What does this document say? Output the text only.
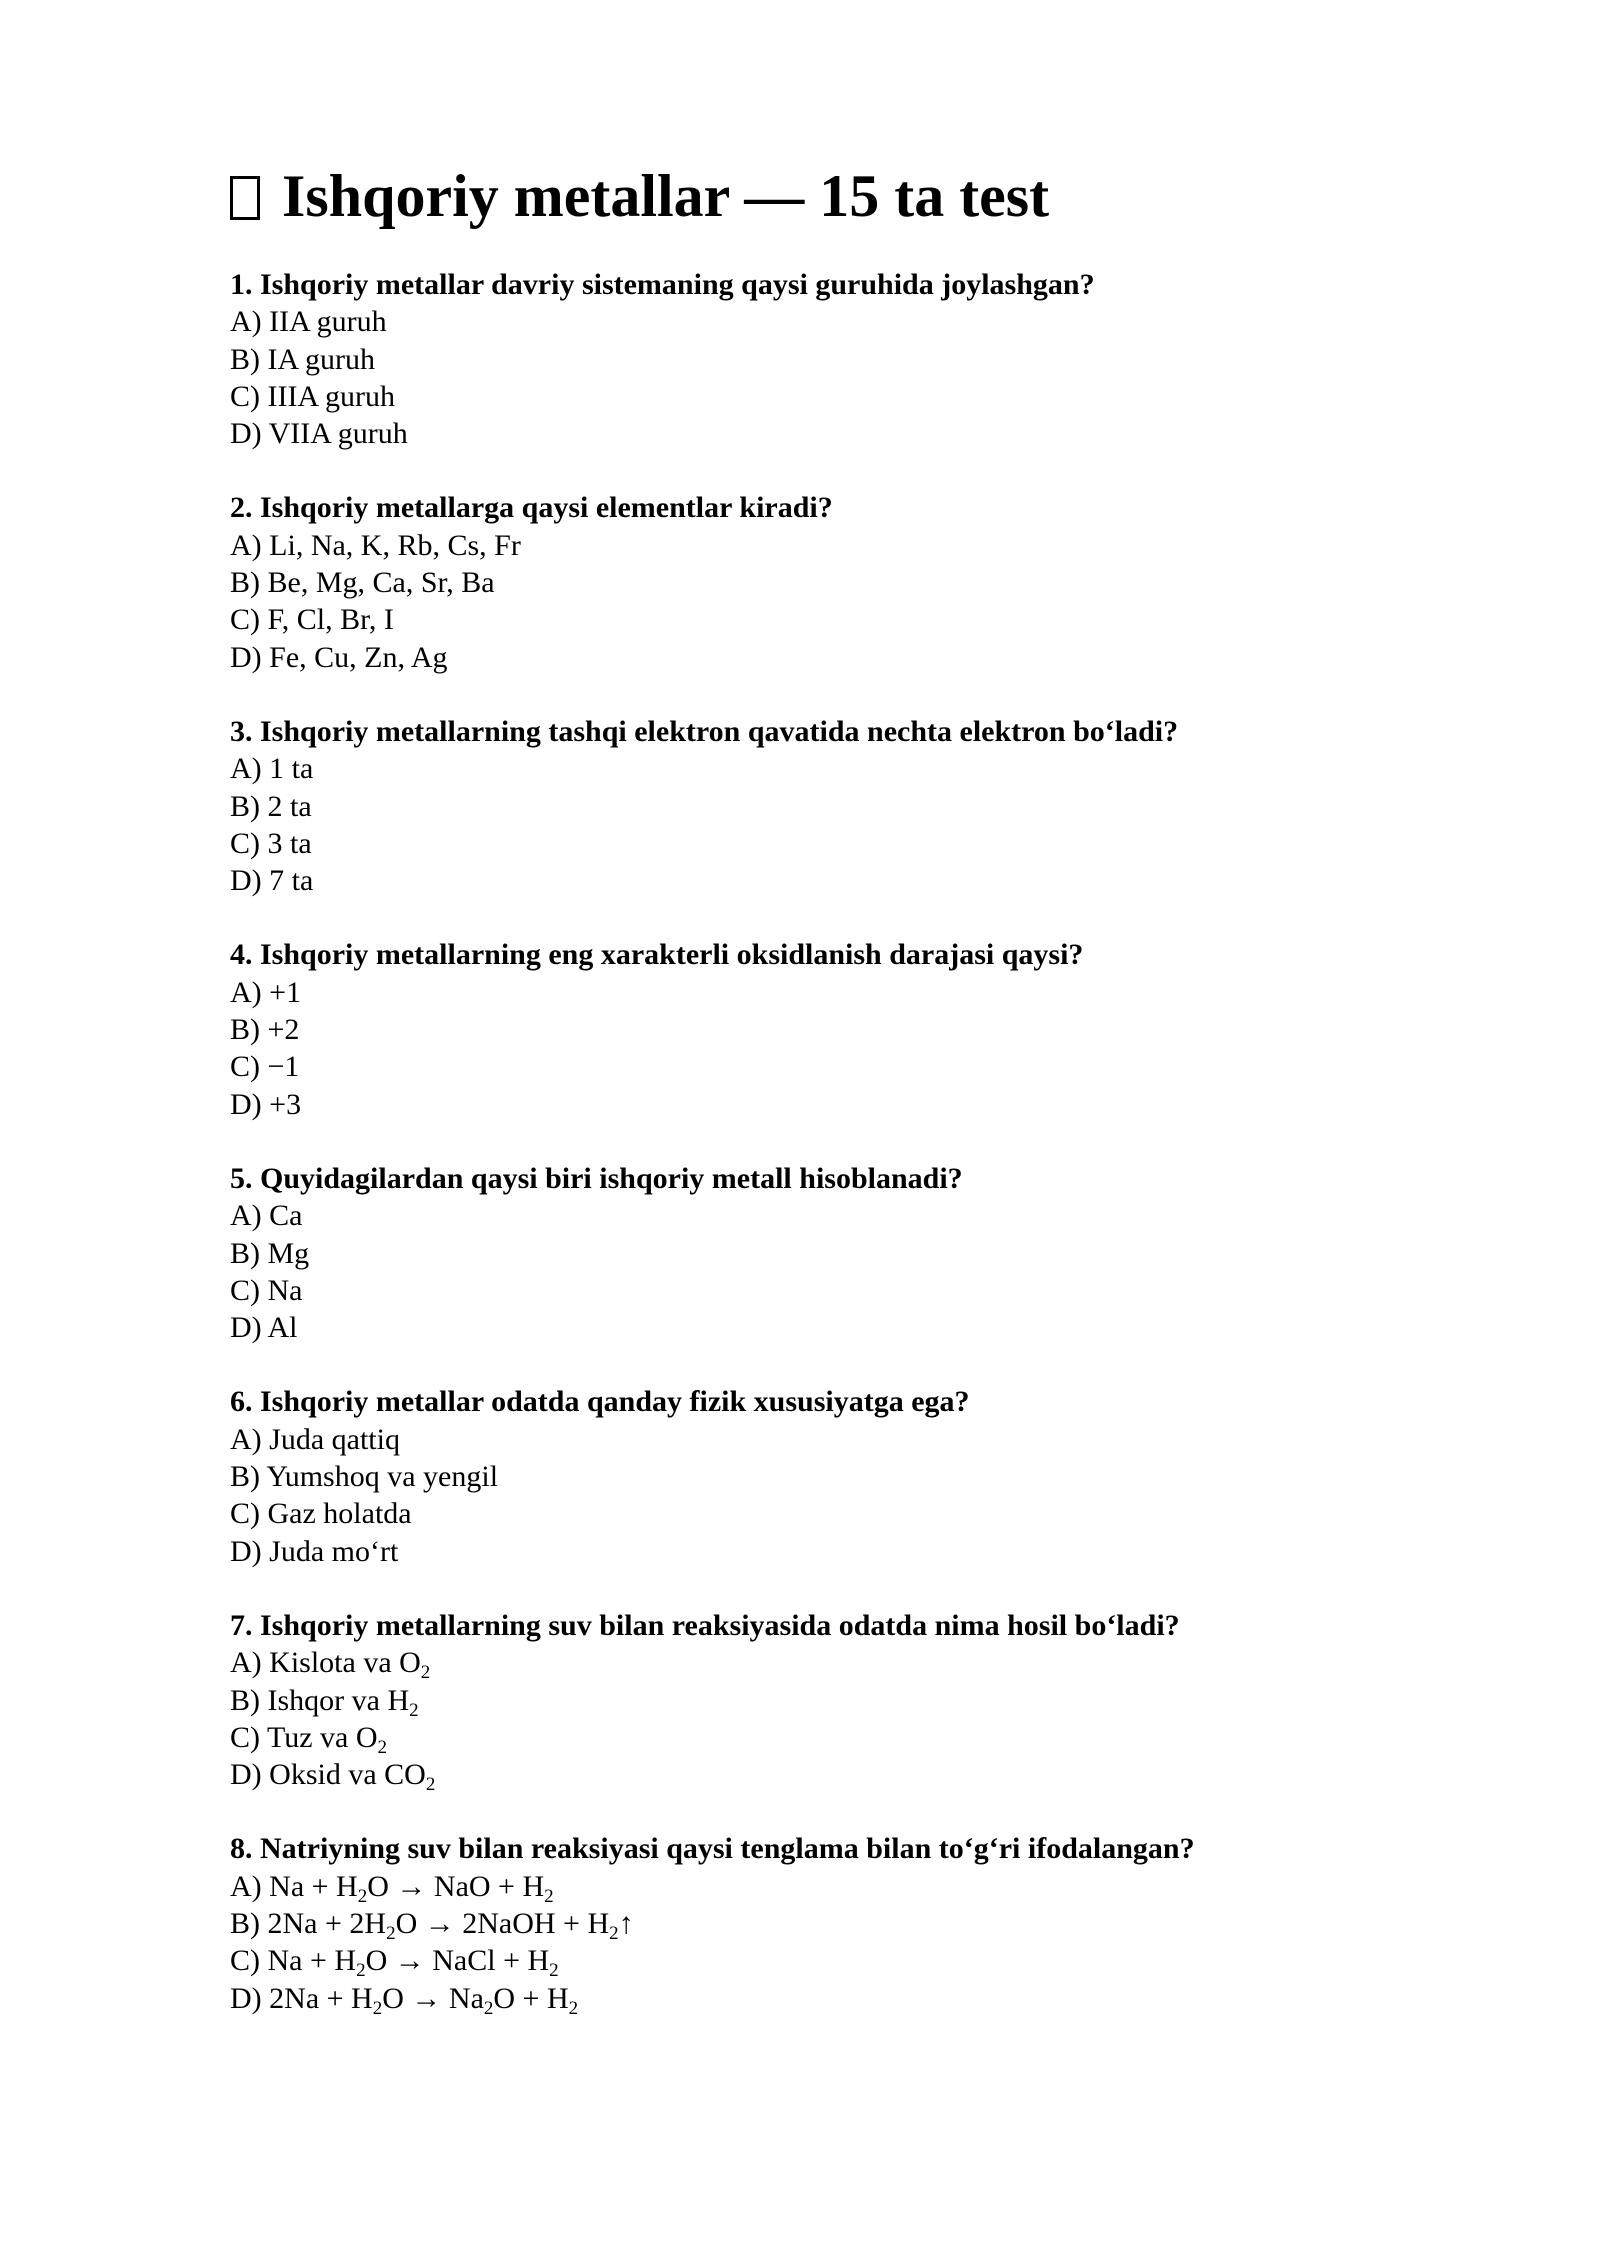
Ishqoriy metallar — 15 ta test
1. Ishqoriy metallar davriy sistemaning qaysi guruhida joylashgan?
A) IIA guruh
B) IA guruh
C) IIIA guruh
D) VIIA guruh
2. Ishqoriy metallarga qaysi elementlar kiradi?
A) Li, Na, K, Rb, Cs, Fr
B) Be, Mg, Ca, Sr, Ba
C) F, Cl, Br, I
D) Fe, Cu, Zn, Ag
3. Ishqoriy metallarning tashqi elektron qavatida nechta elektron bo‘ladi?
A) 1 ta
B) 2 ta
C) 3 ta
D) 7 ta
4. Ishqoriy metallarning eng xarakterli oksidlanish darajasi qaysi?
A) +1
B) +2
C) −1
D) +3
5. Quyidagilardan qaysi biri ishqoriy metall hisoblanadi?
A) Ca
B) Mg
C) Na
D) Al
6. Ishqoriy metallar odatda qanday fizik xususiyatga ega?
A) Juda qattiq
B) Yumshoq va yengil
C) Gaz holatda
D) Juda mo‘rt
7. Ishqoriy metallarning suv bilan reaksiyasida odatda nima hosil bo‘ladi?
A) Kislota va $O_2$
B) Ishqor va $H_2$
C) Tuz va $O_2$
D) Oksid va $CO_2$
8. Natriyning suv bilan reaksiyasi qaysi tenglama bilan to‘g‘ri ifodalangan?
A) $Na + H_2O$ → NaO + $H_2$
B) $2Na + 2H_2O$ → 2NaOH + $H_2↑$
C) $Na + H_2O$ → NaCl + $H_2$
D) $2Na + H_2O \to Na_2O + H_2$
